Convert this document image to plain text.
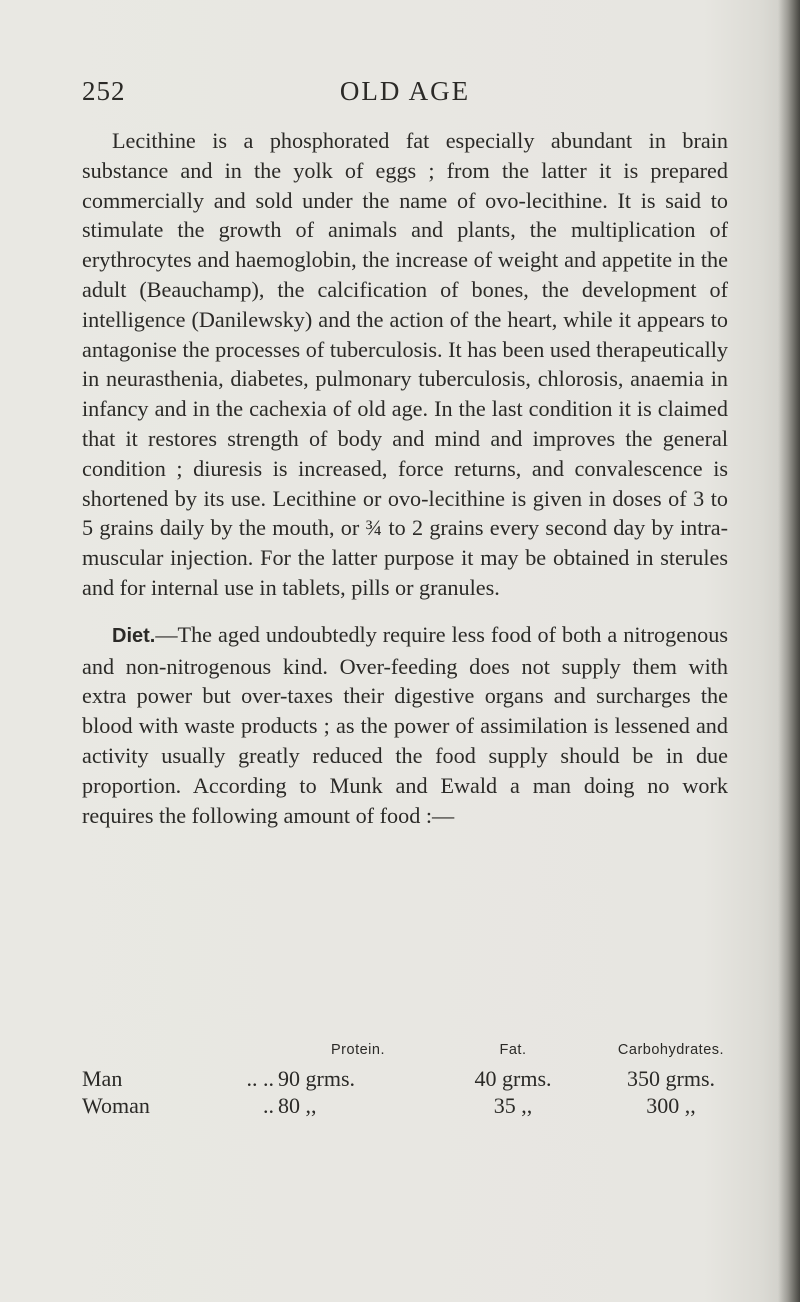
252	OLD AGE

Lecithine is a phosphorated fat especially abundant in brain substance and in the yolk of eggs ; from the latter it is prepared commercially and sold under the name of ovo-lecithine. It is said to stimulate the growth of animals and plants, the multiplication of erythrocytes and haemoglobin, the increase of weight and appetite in the adult (Beauchamp), the calcification of bones, the development of intelligence (Danilewsky) and the action of the heart, while it appears to antagonise the processes of tuberculosis. It has been used therapeutically in neurasthenia, diabetes, pulmonary tuberculosis, chlorosis, anaemia in infancy and in the cachexia of old age. In the last condition it is claimed that it restores strength of body and mind and improves the general condition ; diuresis is increased, force returns, and convalescence is shortened by its use. Lecithine or ovo-lecithine is given in doses of 3 to 5 grains daily by the mouth, or ¾ to 2 grains every second day by intra-muscular injection. For the latter purpose it may be obtained in sterules and for internal use in tablets, pills or granules.

Diet.—The aged undoubtedly require less food of both a nitrogenous and non-nitrogenous kind. Over-feeding does not supply them with extra power but over-taxes their digestive organs and surcharges the blood with waste products ; as the power of assimilation is lessened and activity usually greatly reduced the food supply should be in due proportion. According to Munk and Ewald a man doing no work requires the following amount of food :—

	Protein.	Fat.	Carbohydrates.
Man .. ..	90 grms.	40 grms.	350 grms.
Woman ..	80 ,,	35 ,,	300 ,,
